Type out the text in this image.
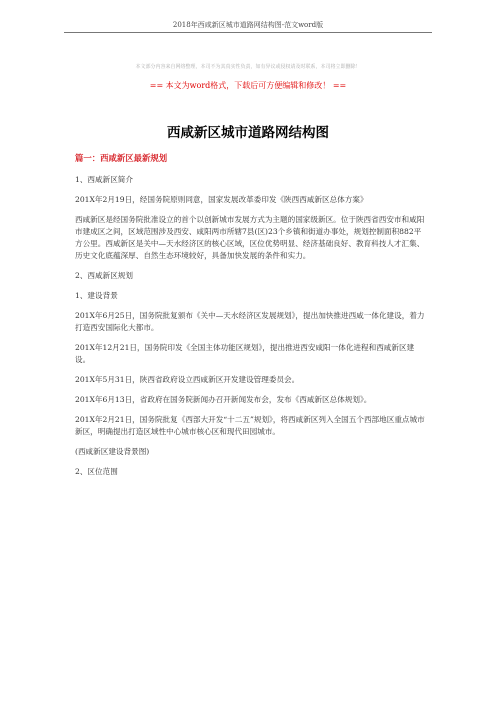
2018年西咸新区城市道路网结构图-范文word版
本文部分内容来自网络整理，本司不为其真实性负责，如有异议或侵权请及时联系，本司将立即删除！
== 本文为word格式，下载后可方便编辑和修改！ ==
西咸新区城市道路网结构图
篇一：西咸新区最新规划
1、西咸新区简介
201X年2月19日，经国务院原则同意，国家发展改革委印发《陕西西咸新区总体方案》
西咸新区是经国务院批准设立的首个以创新城市发展方式为主题的国家级新区。位于陕西省西安市和咸阳市建成区之间，区域范围涉及西安、咸阳两市所辖7县(区)23个乡镇和街道办事处，规划控制面积882平方公里。西咸新区是关中—天水经济区的核心区域，区位优势明显、经济基础良好、教育科技人才汇集、历史文化底蕴深厚、自然生态环境较好，具备加快发展的条件和实力。
2、西咸新区规划
1、建设背景
201X年6月25日，国务院批复颁布《关中—天水经济区发展规划》，提出加快推进西咸一体化建设，着力打造西安国际化大都市。
201X年12月21日，国务院印发《全国主体功能区规划》，提出推进西安咸阳一体化进程和西咸新区建设。
201X年5月31日，陕西省政府设立西咸新区开发建设管理委员会。
201X年6月13日，省政府在国务院新闻办召开新闻发布会，发布《西咸新区总体规划》。
201X年2月21日，国务院批复《西部大开发“十二五”规划》，将西咸新区列入全国五个西部地区重点城市新区，明确提出打造区域性中心城市核心区和现代田园城市。
(西咸新区建设背景图)
2、区位范围
